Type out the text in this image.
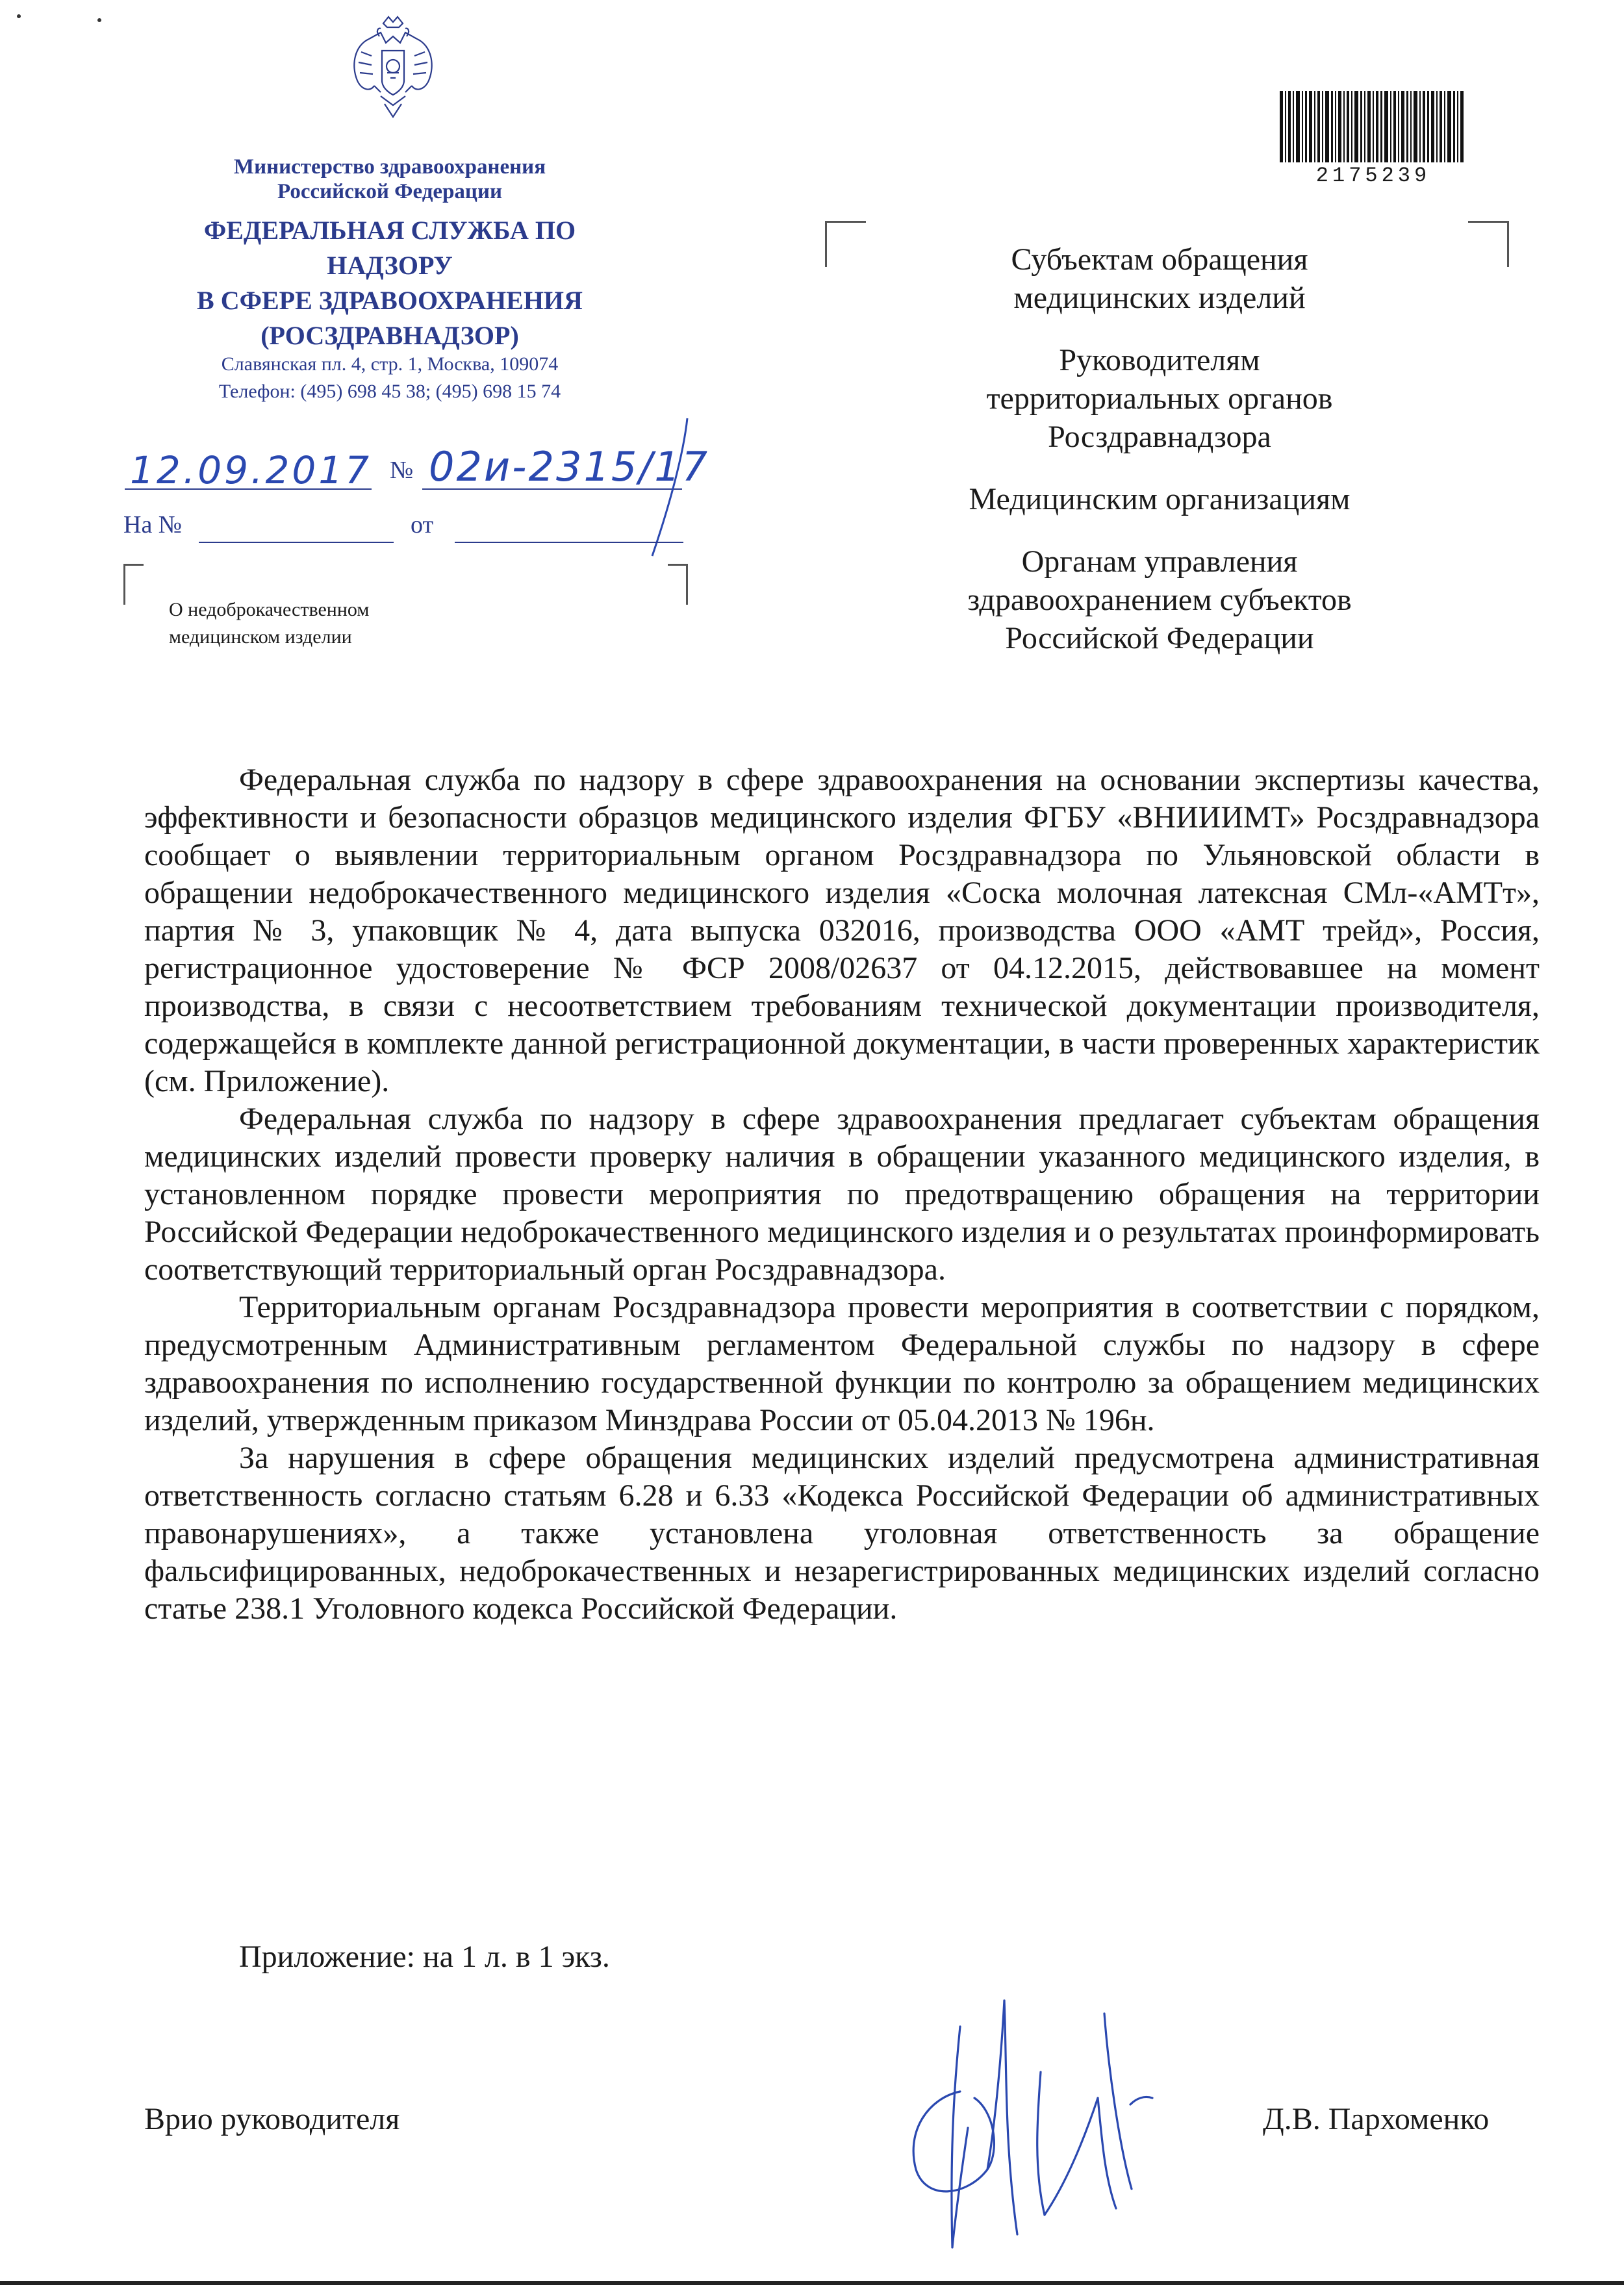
Министерство здравоохранения
Российской Федерации
ФЕДЕРАЛЬНАЯ СЛУЖБА ПО НАДЗОРУ
В СФЕРЕ ЗДРАВООХРАНЕНИЯ
(РОСЗДРАВНАДЗОР)
Славянская пл. 4, стр. 1, Москва, 109074
Телефон: (495) 698 45 38; (495) 698 15 74
12.09.2017 № 02и-2315/17
На №	от
О недоброкачественном
медицинском изделии
2175239
Субъектам обращения
медицинских изделий
Руководителям
территориальных органов
Росздравнадзора
Медицинским организациям
Органам управления
здравоохранением субъектов
Российской Федерации

Федеральная служба по надзору в сфере здравоохранения на основании экспертизы качества, эффективности и безопасности образцов медицинского изделия ФГБУ «ВНИИИМТ» Росздравнадзора сообщает о выявлении территориальным органом Росздравнадзора по Ульяновской области в обращении недоброкачественного медицинского изделия «Соска молочная латексная СМл-«АМТт», партия № 3, упаковщик № 4, дата выпуска 032016, производства ООО «АМТ трейд», Россия, регистрационное удостоверение № ФСР 2008/02637 от 04.12.2015, действовавшее на момент производства, в связи с несоответствием требованиям технической документации производителя, содержащейся в комплекте данной регистрационной документации, в части проверенных характеристик (см. Приложение).

Федеральная служба по надзору в сфере здравоохранения предлагает субъектам обращения медицинских изделий провести проверку наличия в обращении указанного медицинского изделия, в установленном порядке провести мероприятия по предотвращению обращения на территории Российской Федерации недоброкачественного медицинского изделия и о результатах проинформировать соответствующий территориальный орган Росздравнадзора.

Территориальным органам Росздравнадзора провести мероприятия в соответствии с порядком, предусмотренным Административным регламентом Федеральной службы по надзору в сфере здравоохранения по исполнению государственной функции по контролю за обращением медицинских изделий, утвержденным приказом Минздрава России от 05.04.2013 № 196н.

За нарушения в сфере обращения медицинских изделий предусмотрена административная ответственность согласно статьям 6.28 и 6.33 «Кодекса Российской Федерации об административных правонарушениях», а также установлена уголовная ответственность за обращение фальсифицированных, недоброкачественных и незарегистрированных медицинских изделий согласно статье 238.1 Уголовного кодекса Российской Федерации.

Приложение: на 1 л. в 1 экз.
Врио руководителя	Д.В. Пархоменко
